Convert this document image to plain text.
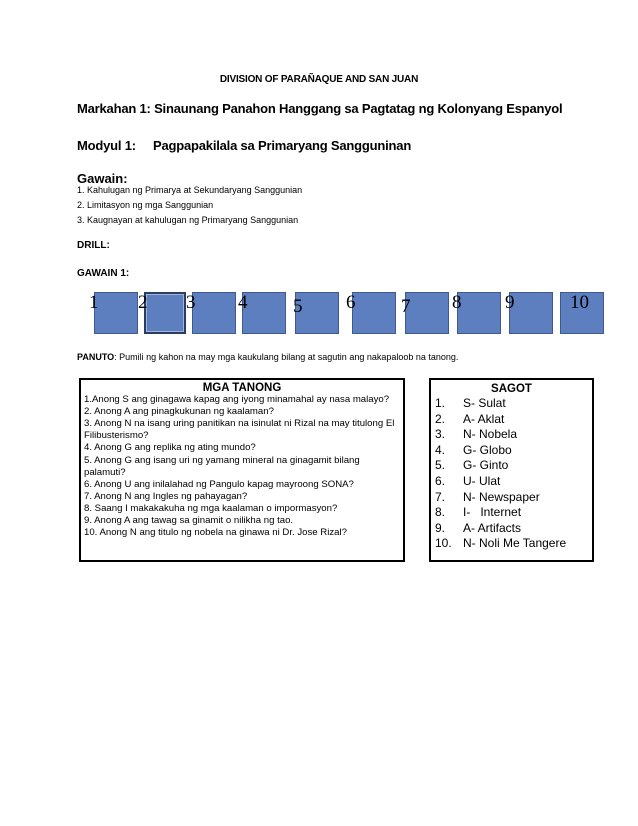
DIVISION OF PARAÑAQUE AND SAN JUAN
Markahan 1: Sinaunang Panahon Hanggang sa Pagtatag ng Kolonyang Espanyol
Modyul 1: Pagpapakilala sa Primaryang Sangguninan
Gawain:
1. Kahulugan ng Primarya at Sekundaryang Sanggunian
2. Limitasyon ng mga Sanggunian
3. Kaugnayan at kahulugan ng Primaryang Sanggunian
DRILL:
GAWAIN 1:
1 2 3 4 5 6 7 8 9	10
PANUTO: Pumili ng kahon na may mga kaukulang bilang at sagutin ang nakapaloob na tanong.
MGA TANONG
1.Anong S ang ginagawa kapag ang iyong minamahal ay nasa malayo?
2. Anong A ang pinagkukunan ng kaalaman?
3. Anong N na isang uring panitikan na isinulat ni Rizal na may titulong El Filibusterismo?
4. Anong G ang replika ng ating mundo?
5. Anong G ang isang uri ng yamang mineral na ginagamit bilang palamuti?
6. Anong U ang inilalahad ng Pangulo kapag mayroong SONA?
7. Anong N ang Ingles ng pahayagan?
8. Saang I makakakuha ng mga kaalaman o impormasyon?
9. Anong A ang tawag sa ginamit o nilikha ng tao.
10. Anong N ang titulo ng nobela na ginawa ni Dr. Jose Rizal?
SAGOT
1.	S- Sulat
2.	A- Aklat
3.	N- Nobela
4.	G- Globo
5.	G- Ginto
6.	U- Ulat
7.	N- Newspaper
8.	I-   Internet
9.	A- Artifacts
10. N- Noli Me Tangere
